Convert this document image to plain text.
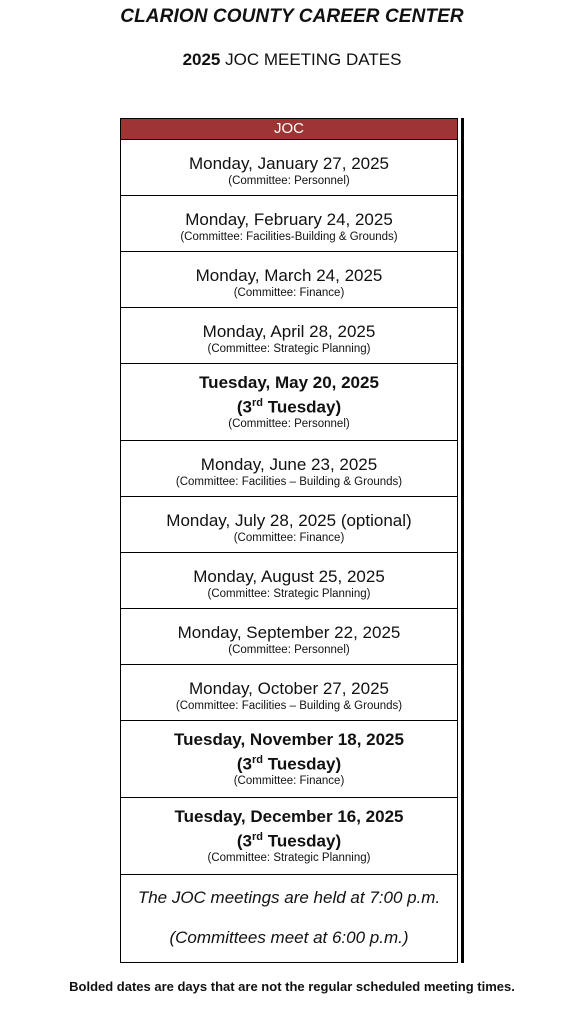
CLARION COUNTY CAREER CENTER
2025 JOC MEETING DATES
JOC
Monday, January 27, 2025
(Committee: Personnel)
Monday, February 24, 2025
(Committee: Facilities-Building & Grounds)
Monday, March 24, 2025
(Committee: Finance)
Monday, April 28, 2025
(Committee: Strategic Planning)
Tuesday, May 20, 2025
(3rd Tuesday)
(Committee: Personnel)
Monday, June 23, 2025
(Committee: Facilities – Building & Grounds)
Monday, July 28, 2025 (optional)
(Committee: Finance)
Monday, August 25, 2025
(Committee: Strategic Planning)
Monday, September 22, 2025
(Committee: Personnel)
Monday, October 27, 2025
(Committee: Facilities – Building & Grounds)
Tuesday, November 18, 2025
(3rd Tuesday)
(Committee: Finance)
Tuesday, December 16, 2025
(3rd Tuesday)
(Committee: Strategic Planning)
The JOC meetings are held at 7:00 p.m.
(Committees meet at 6:00 p.m.)
Bolded dates are days that are not the regular scheduled meeting times.
